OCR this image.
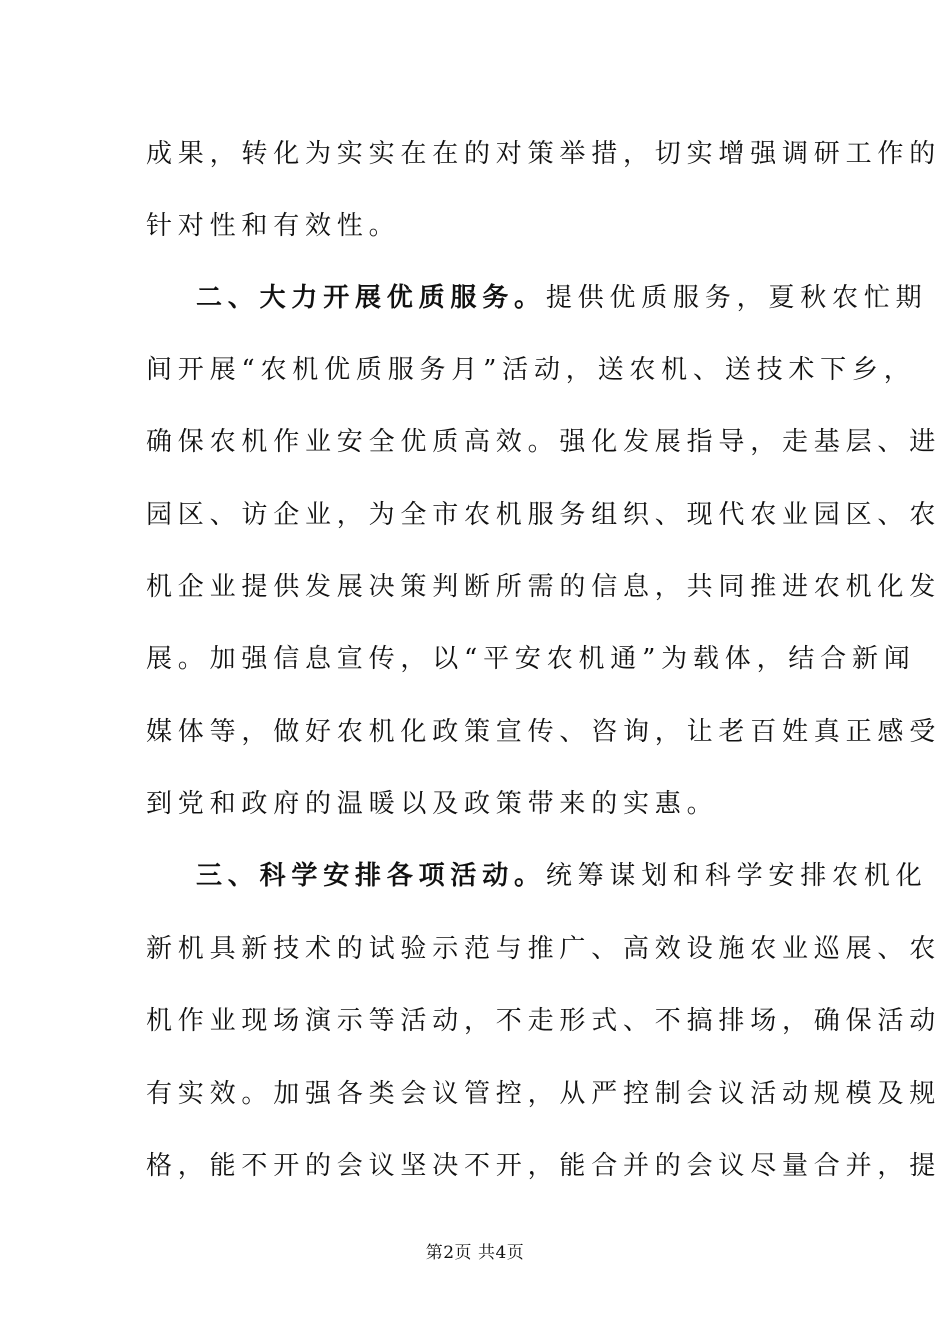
成果，转化为实实在在的对策举措，切实增强调研工作的
针对性和有效性。
二、大力开展优质服务。提供优质服务，夏秋农忙期
间开展“农机优质服务月”活动，送农机、送技术下乡，
确保农机作业安全优质高效。强化发展指导，走基层、进
园区、访企业，为全市农机服务组织、现代农业园区、农
机企业提供发展决策判断所需的信息，共同推进农机化发
展。加强信息宣传，以“平安农机通”为载体，结合新闻
媒体等，做好农机化政策宣传、咨询，让老百姓真正感受
到党和政府的温暖以及政策带来的实惠。
三、科学安排各项活动。统筹谋划和科学安排农机化
新机具新技术的试验示范与推广、高效设施农业巡展、农
机作业现场演示等活动，不走形式、不搞排场，确保活动
有实效。加强各类会议管控，从严控制会议活动规模及规
格，能不开的会议坚决不开，能合并的会议尽量合并，提
第2页 共4页
